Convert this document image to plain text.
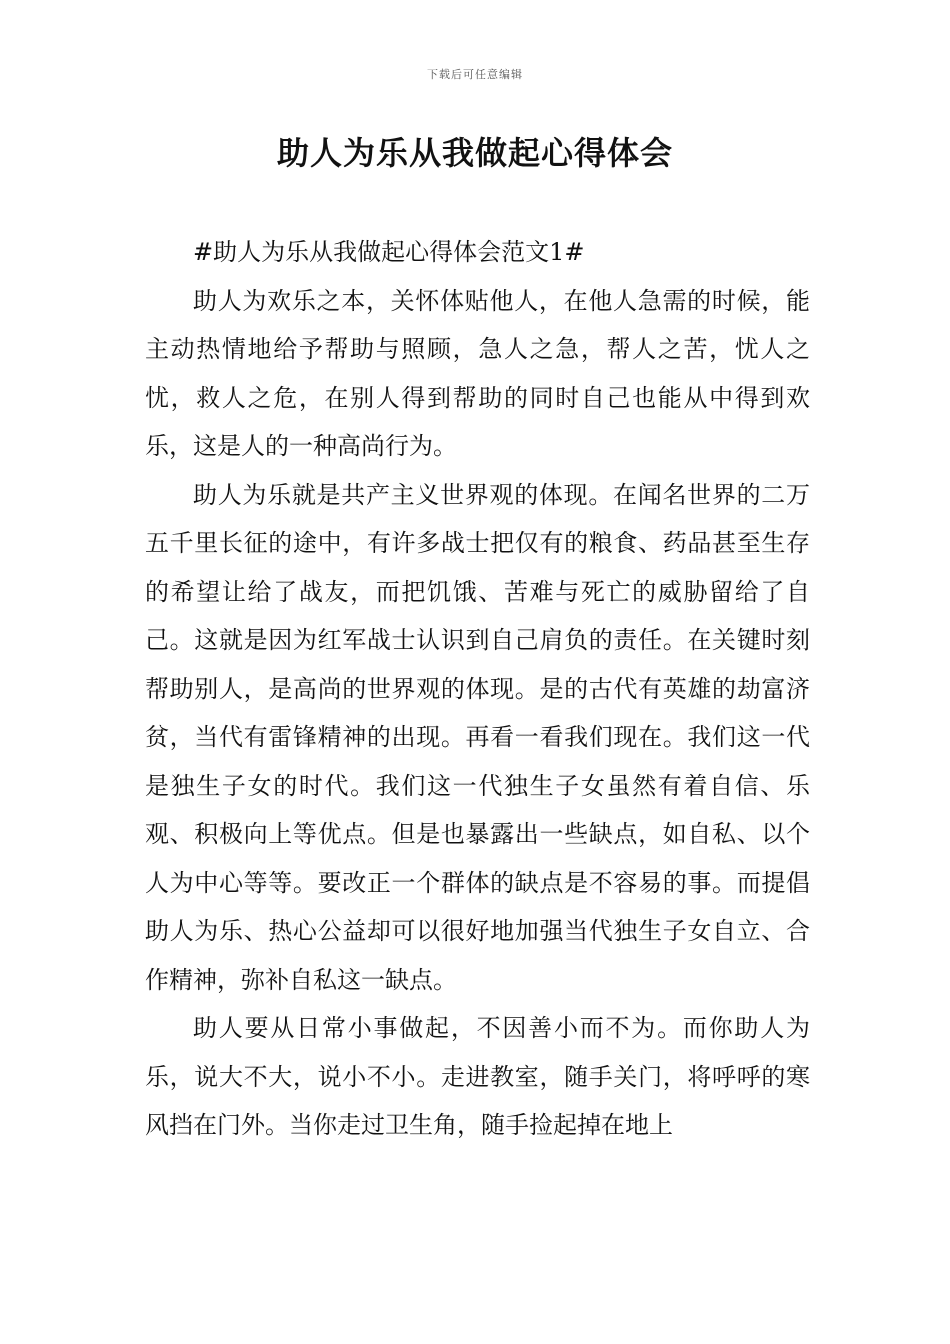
下载后可任意编辑
助人为乐从我做起心得体会

#助人为乐从我做起心得体会范文1#

助人为欢乐之本，关怀体贴他人，在他人急需的时候，能主动热情地给予帮助与照顾，急人之急，帮人之苦，忧人之忧，救人之危，在别人得到帮助的同时自己也能从中得到欢乐，这是人的一种高尚行为。

助人为乐就是共产主义世界观的体现。在闻名世界的二万五千里长征的途中，有许多战士把仅有的粮食、药品甚至生存的希望让给了战友，而把饥饿、苦难与死亡的威胁留给了自己。这就是因为红军战士认识到自己肩负的责任。在关键时刻帮助别人，是高尚的世界观的体现。是的古代有英雄的劫富济贫，当代有雷锋精神的出现。再看一看我们现在。我们这一代是独生子女的时代。我们这一代独生子女虽然有着自信、乐观、积极向上等优点。但是也暴露出一些缺点，如自私、以个人为中心等等。要改正一个群体的缺点是不容易的事。而提倡助人为乐、热心公益却可以很好地加强当代独生子女自立、合作精神，弥补自私这一缺点。

助人要从日常小事做起，不因善小而不为。而你助人为乐，说大不大，说小不小。走进教室，随手关门，将呼呼的寒风挡在门外。当你走过卫生角，随手捡起掉在地上
